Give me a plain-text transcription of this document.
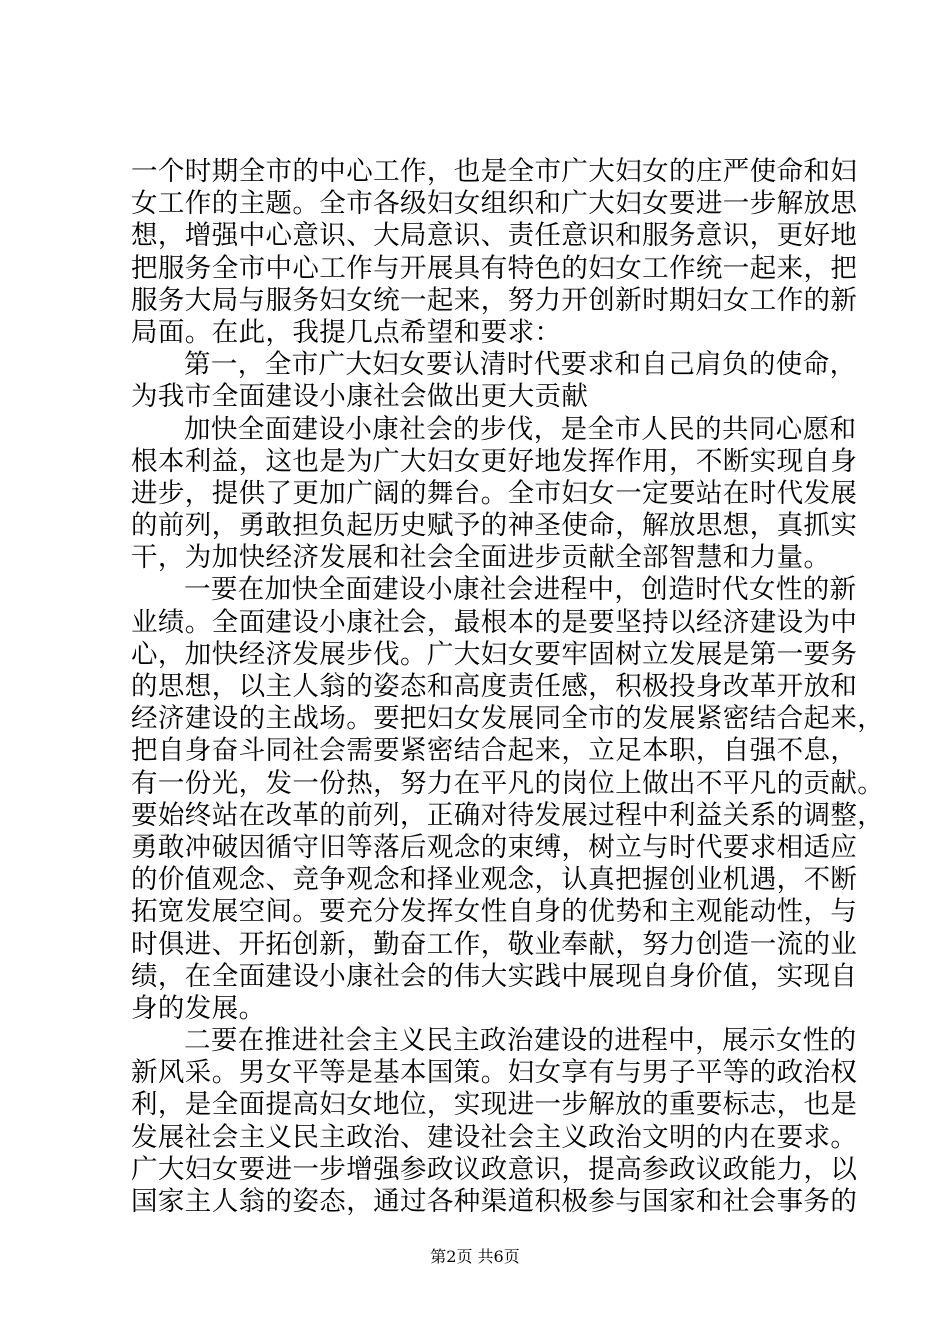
一个时期全市的中心工作，也是全市广大妇女的庄严使命和妇
女工作的主题。全市各级妇女组织和广大妇女要进一步解放思
想，增强中心意识、大局意识、责任意识和服务意识，更好地
把服务全市中心工作与开展具有特色的妇女工作统一起来，把
服务大局与服务妇女统一起来，努力开创新时期妇女工作的新
局面。在此，我提几点希望和要求：
第一，全市广大妇女要认清时代要求和自己肩负的使命，
为我市全面建设小康社会做出更大贡献
加快全面建设小康社会的步伐，是全市人民的共同心愿和
根本利益，这也是为广大妇女更好地发挥作用，不断实现自身
进步，提供了更加广阔的舞台。全市妇女一定要站在时代发展
的前列，勇敢担负起历史赋予的神圣使命，解放思想，真抓实
干，为加快经济发展和社会全面进步贡献全部智慧和力量。
一要在加快全面建设小康社会进程中，创造时代女性的新
业绩。全面建设小康社会，最根本的是要坚持以经济建设为中
心，加快经济发展步伐。广大妇女要牢固树立发展是第一要务
的思想，以主人翁的姿态和高度责任感，积极投身改革开放和
经济建设的主战场。要把妇女发展同全市的发展紧密结合起来，
把自身奋斗同社会需要紧密结合起来，立足本职，自强不息，
有一份光，发一份热，努力在平凡的岗位上做出不平凡的贡献。
要始终站在改革的前列，正确对待发展过程中利益关系的调整，
勇敢冲破因循守旧等落后观念的束缚，树立与时代要求相适应
的价值观念、竞争观念和择业观念，认真把握创业机遇，不断
拓宽发展空间。要充分发挥女性自身的优势和主观能动性，与
时俱进、开拓创新，勤奋工作，敬业奉献，努力创造一流的业
绩，在全面建设小康社会的伟大实践中展现自身价值，实现自
身的发展。
二要在推进社会主义民主政治建设的进程中，展示女性的
新风采。男女平等是基本国策。妇女享有与男子平等的政治权
利，是全面提高妇女地位，实现进一步解放的重要标志，也是
发展社会主义民主政治、建设社会主义政治文明的内在要求。
广大妇女要进一步增强参政议政意识，提高参政议政能力，以
国家主人翁的姿态，通过各种渠道积极参与国家和社会事务的
第2页 共6页
